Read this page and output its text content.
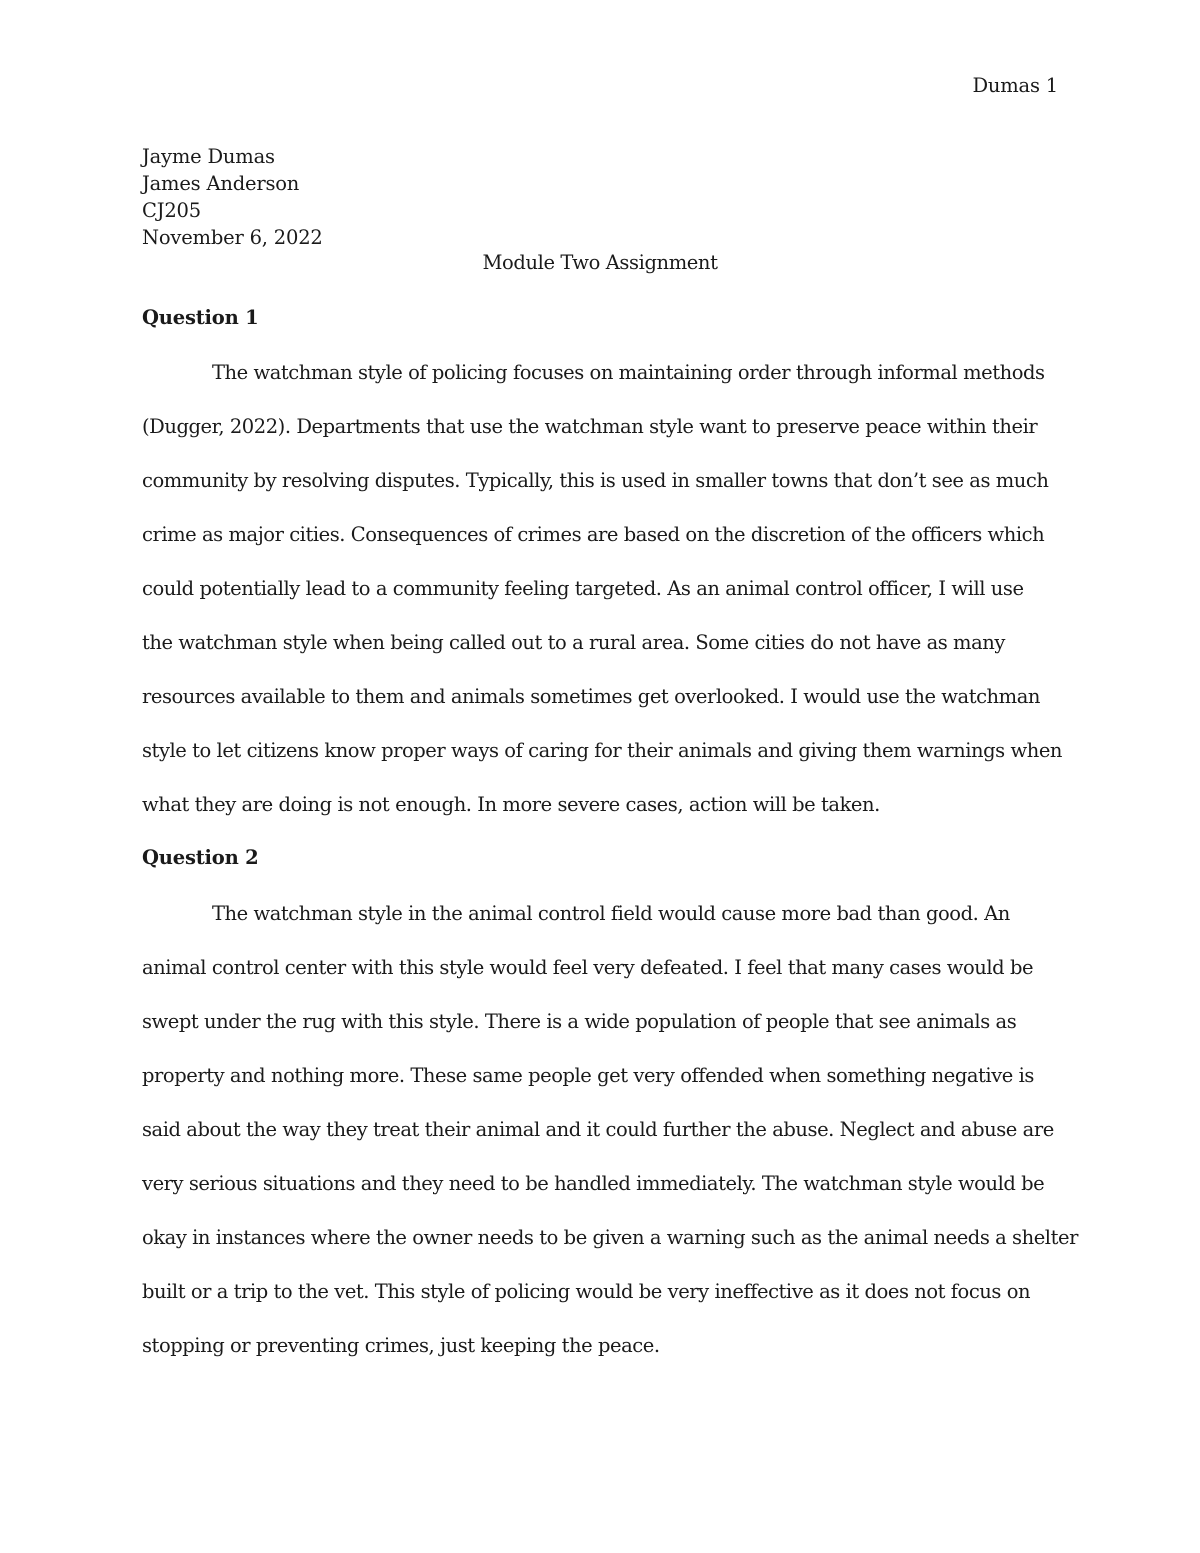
Dumas 1
Jayme Dumas
James Anderson
CJ205
November 6, 2022
Module Two Assignment
Question 1
The watchman style of policing focuses on maintaining order through informal methods
(Dugger, 2022). Departments that use the watchman style want to preserve peace within their
community by resolving disputes. Typically, this is used in smaller towns that don’t see as much
crime as major cities. Consequences of crimes are based on the discretion of the officers which
could potentially lead to a community feeling targeted. As an animal control officer, I will use
the watchman style when being called out to a rural area. Some cities do not have as many
resources available to them and animals sometimes get overlooked. I would use the watchman
style to let citizens know proper ways of caring for their animals and giving them warnings when
what they are doing is not enough. In more severe cases, action will be taken.
Question 2
The watchman style in the animal control field would cause more bad than good. An
animal control center with this style would feel very defeated. I feel that many cases would be
swept under the rug with this style. There is a wide population of people that see animals as
property and nothing more. These same people get very offended when something negative is
said about the way they treat their animal and it could further the abuse. Neglect and abuse are
very serious situations and they need to be handled immediately. The watchman style would be
okay in instances where the owner needs to be given a warning such as the animal needs a shelter
built or a trip to the vet. This style of policing would be very ineffective as it does not focus on
stopping or preventing crimes, just keeping the peace.
